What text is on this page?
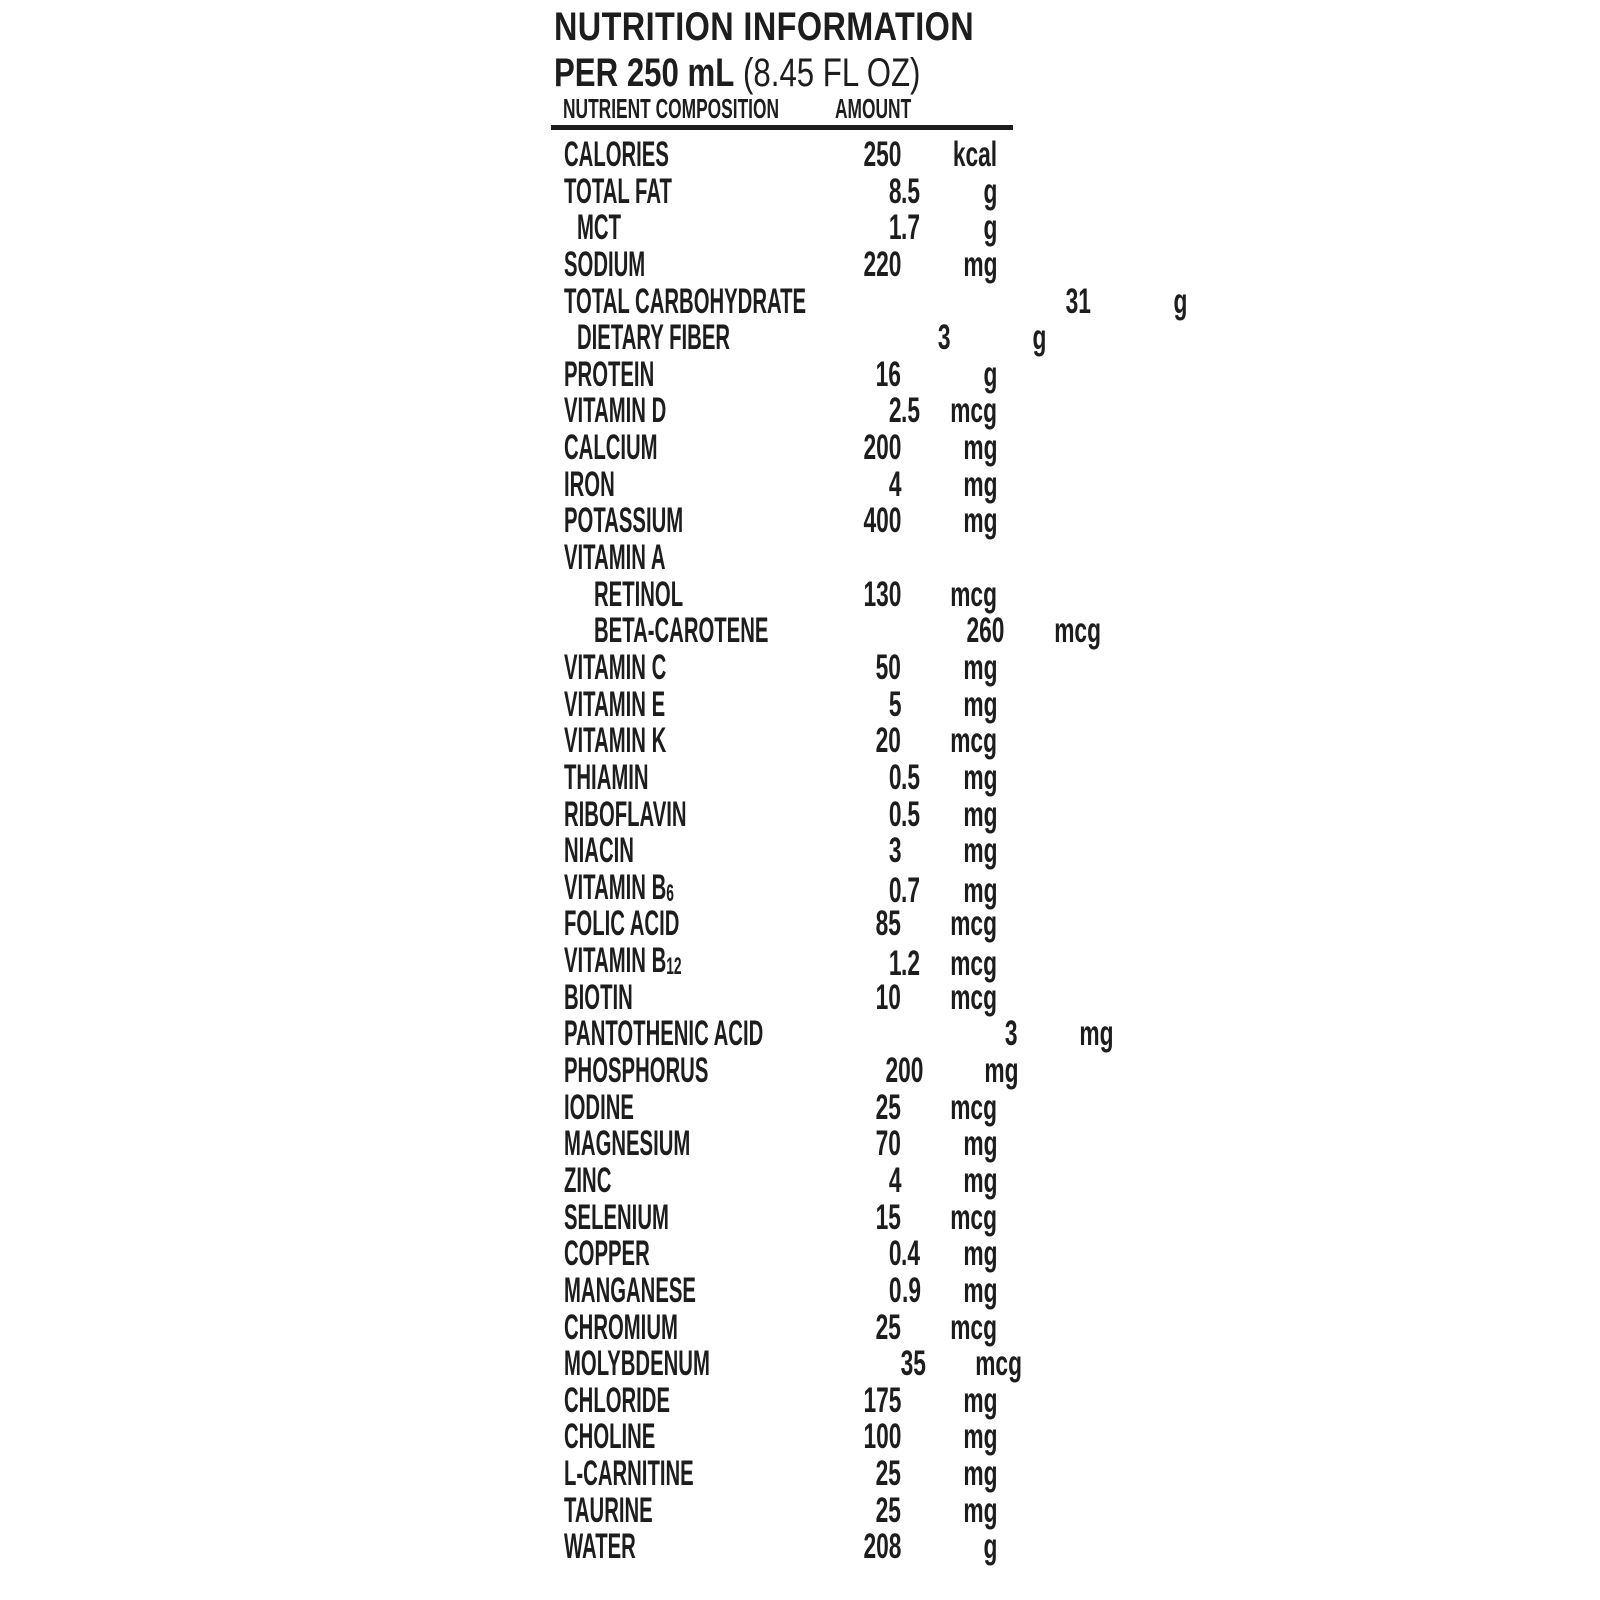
NUTRITION INFORMATION
PER 250 mL (8.45 FL OZ)
NUTRIENT COMPOSITION AMOUNT
CALORIES	250	kcal
TOTAL FAT	8 .5	g
MCT	1 .7	g
SODIUM	220	mg
TOTAL CARBOHYDRATE	31	g
DIETARY FIBER	3	g
PROTEIN	16	g
VITAMIN D	2 .5 mcg
CALCIUM	200	mg
IRON	4	mg
POTASSIUM	400	mg
VITAMIN A
RETINOL	130	mcg
BETA-CAROTENE	260	mcg
VITAMIN C	50	mg
VITAMIN E	5	mg
VITAMIN K	20	mcg
THIAMIN	0 .5	mg
RIBOFLAVIN	0 .5	mg
NIACIN	3	mg
VITAMIN B6	0 .7	mg
FOLIC ACID	85	mcg
VITAMIN B12	1 .2 mcg
BIOTIN	10	mcg
PANTOTHENIC ACID	3	mg
PHOSPHORUS	200	mg
IODINE	25	mcg
MAGNESIUM	70	mg
ZINC	4	mg
SELENIUM	15	mcg
COPPER	0 .4	mg
MANGANESE	0 .9	mg
CHROMIUM	25	mcg
MOLYBDENUM	35	mcg
CHLORIDE	175	mg
CHOLINE	100	mg
L-CARNITINE	25	mg
TAURINE	25	mg
WATER	208	g
